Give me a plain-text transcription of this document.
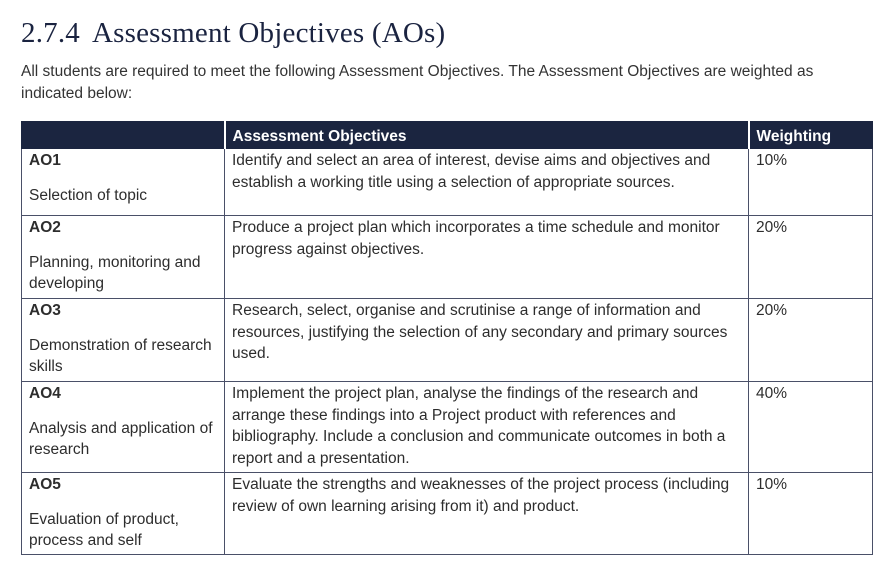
2.7.4 Assessment Objectives (AOs)
All students are required to meet the following Assessment Objectives. The Assessment Objectives are weighted as indicated below:
	Assessment Objectives	Weighting

AO1
Selection of topic	Identify and select an area of interest, devise aims and objectives and establish a working title using a selection of appropriate sources.	10%

AO2
Planning, monitoring and developing	Produce a project plan which incorporates a time schedule and monitor progress against objectives.	20%

AO3
Demonstration of research skills	Research, select, organise and scrutinise a range of information and resources, justifying the selection of any secondary and primary sources used.	20%

AO4
Analysis and application of research	Implement the project plan, analyse the findings of the research and arrange these findings into a Project product with references and bibliography. Include a conclusion and communicate outcomes in both a report and a presentation.	40%

AO5
Evaluation of product, process and self	Evaluate the strengths and weaknesses of the project process (including review of own learning arising from it) and product.	10%
